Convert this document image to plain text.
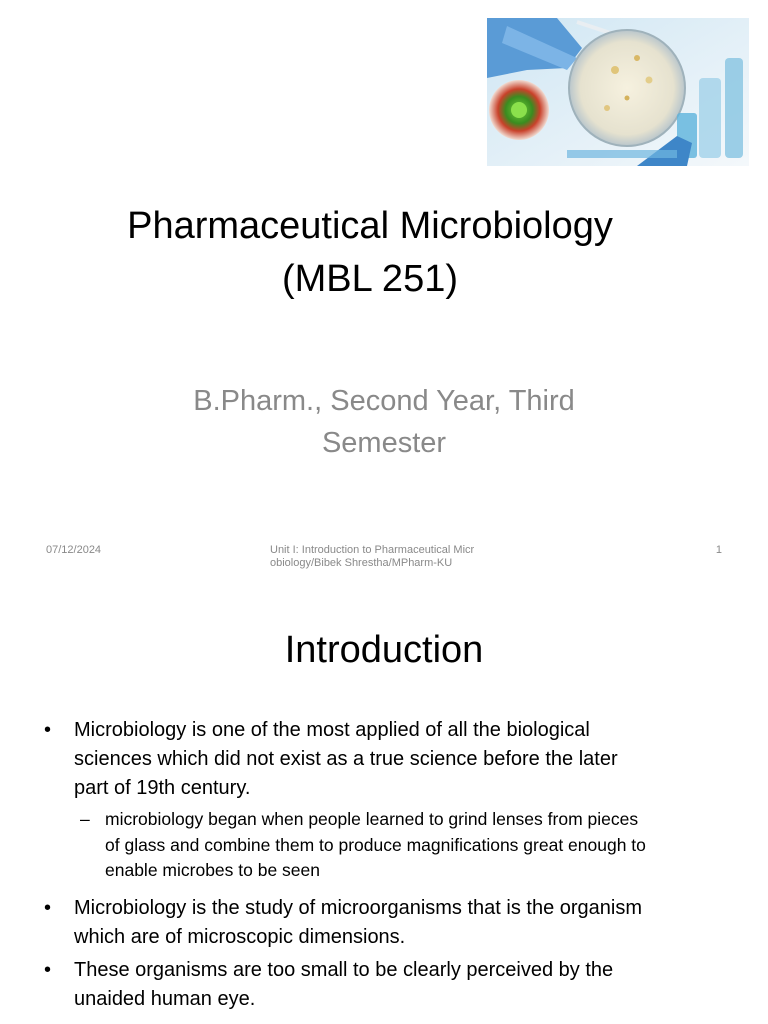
Pharmaceutical Microbiology
(MBL 251)
B.Pharm., Second Year, Third
Semester
07/12/2024	Unit I: Introduction to Pharmaceutical Micr
obiology/Bibek Shrestha/MPharm-KU
1
Introduction
•	Microbiology is one of the most applied of all the biological
sciences which did not exist as a true science before the later
part of 19th century.
– microbiology began when people learned to grind lenses from pieces
of glass and combine them to produce magnifications great enough to
enable microbes to be seen
•	Microbiology is the study of microorganisms that is the organism
which are of microscopic dimensions.
•	These organisms are too small to be clearly perceived by the
unaided human eye.
